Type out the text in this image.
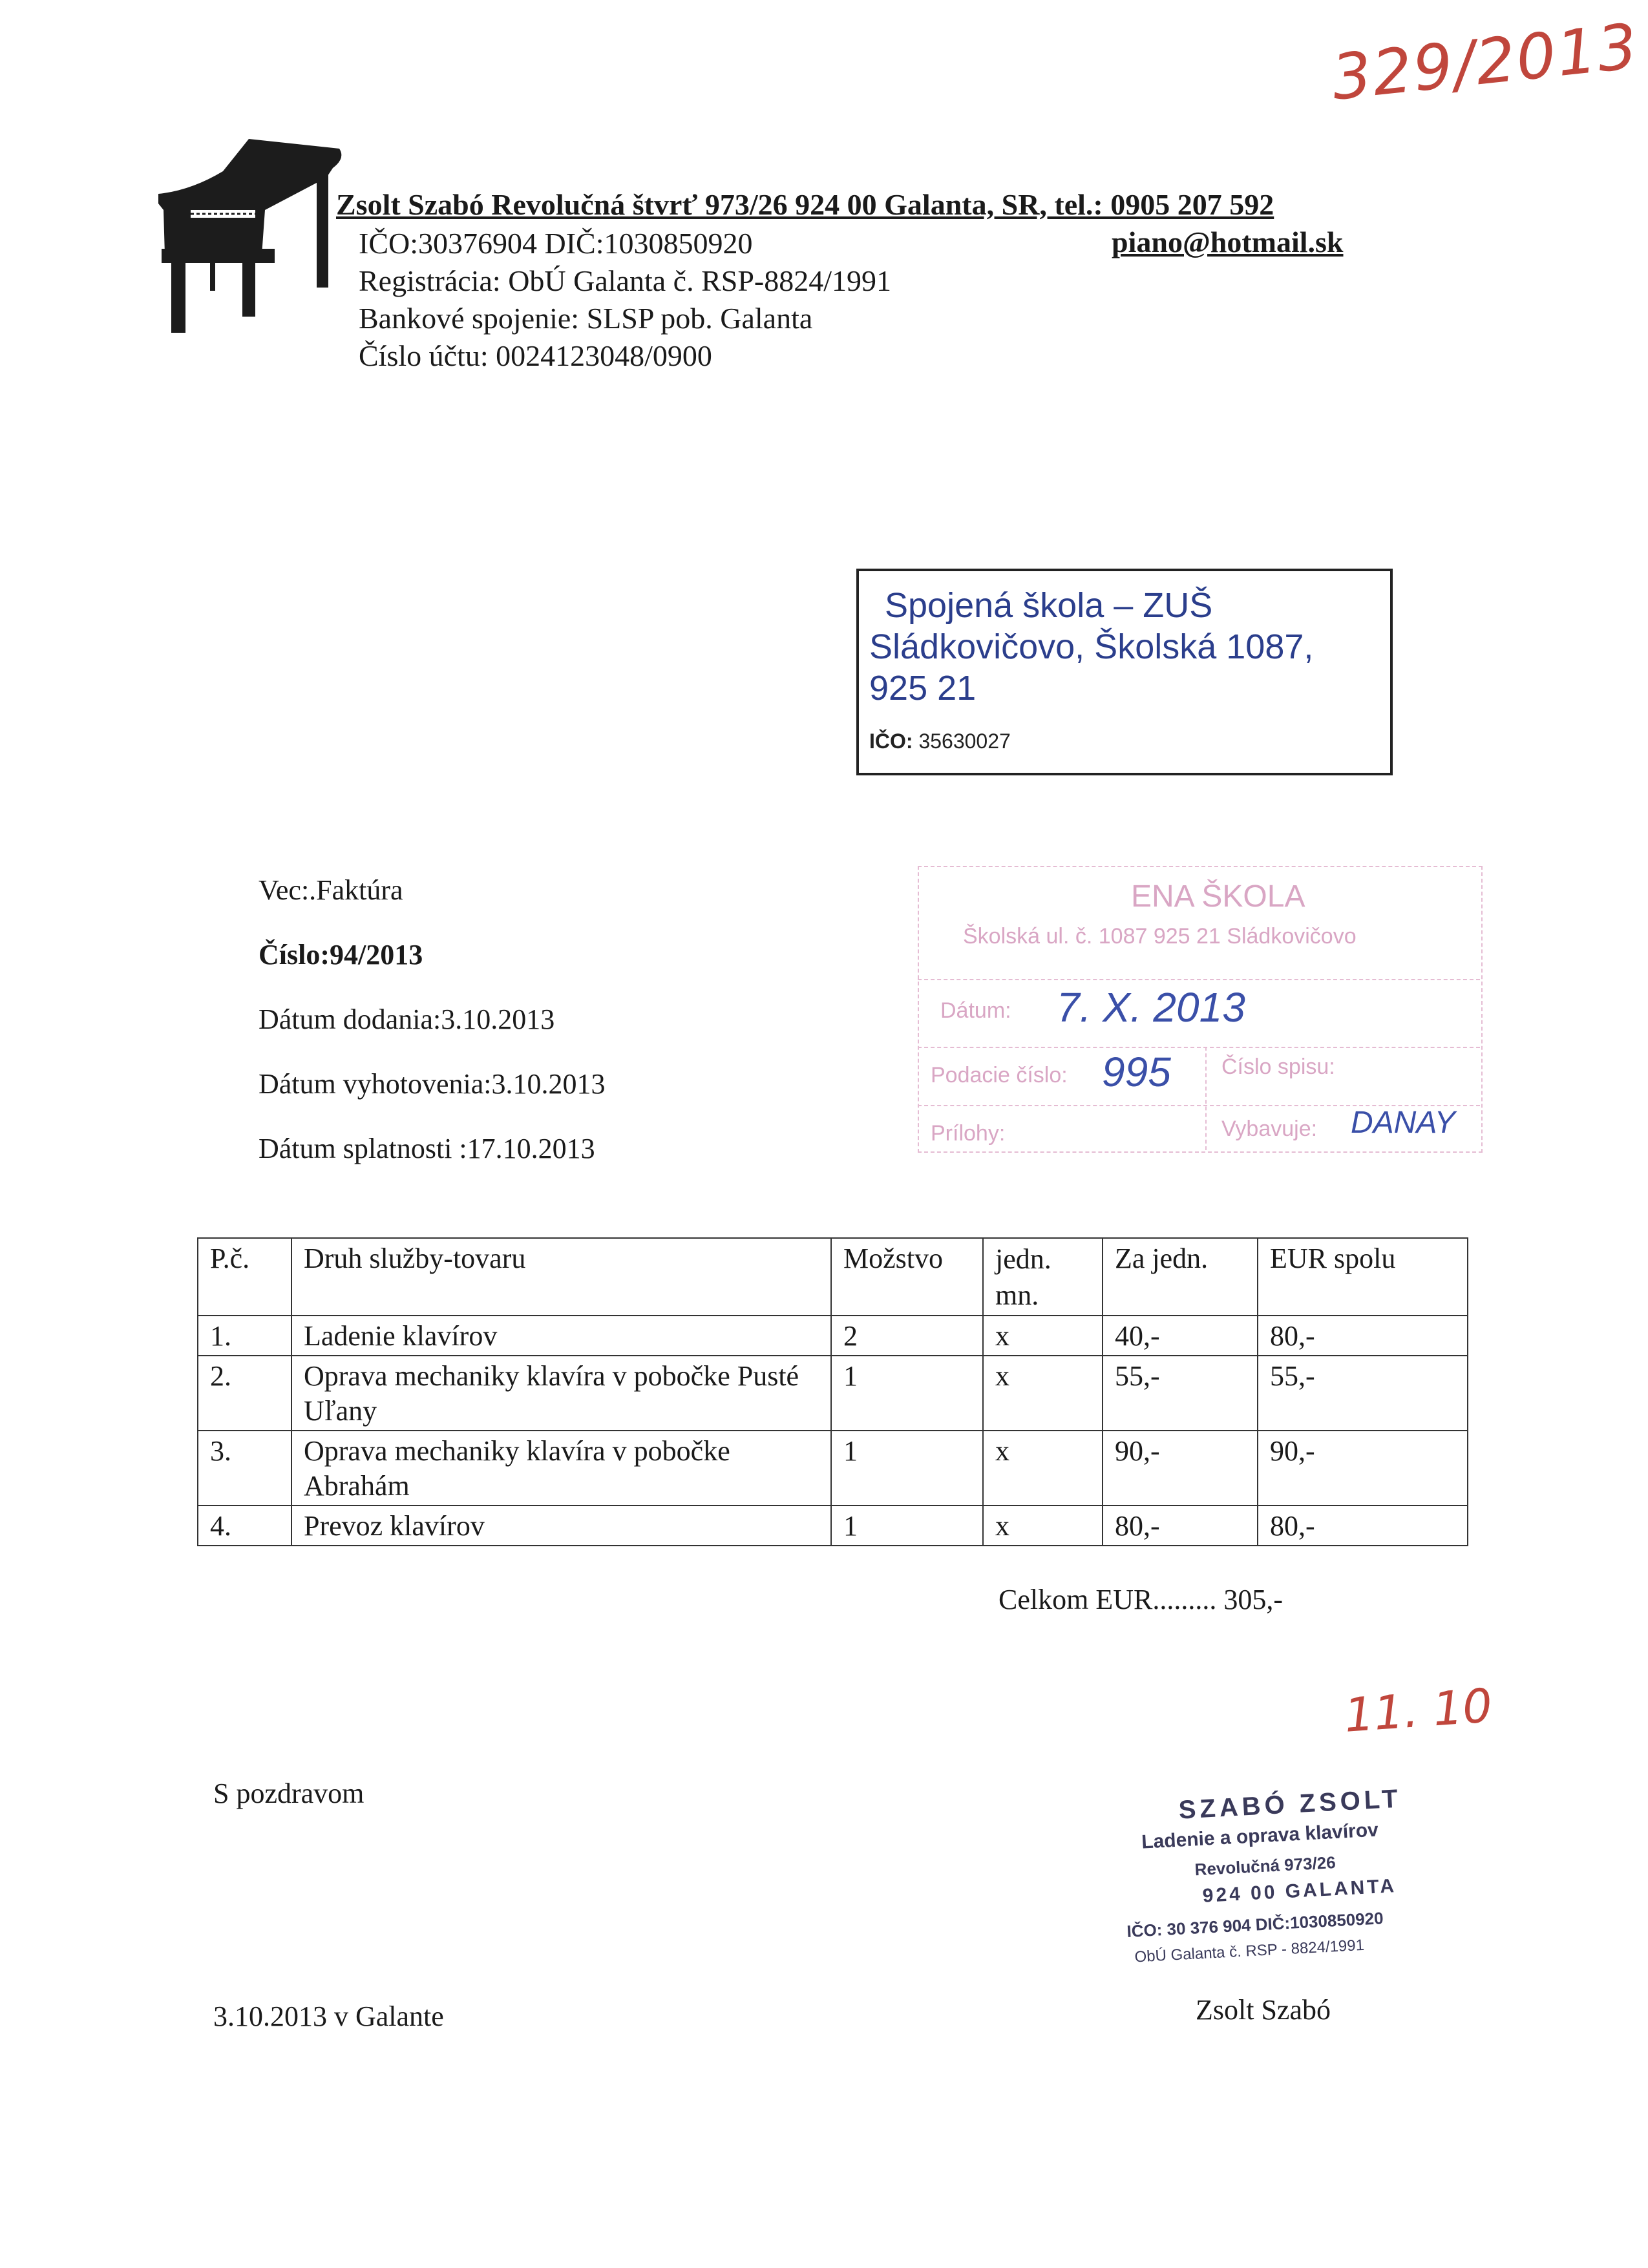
329/2013
Zsolt Szabó Revolučná štvrť 973/26 924 00 Galanta, SR, tel.: 0905 207 592
IČO:30376904 DIČ:1030850920	piano@hotmail.sk
Registrácia: ObÚ Galanta č. RSP-8824/1991
Bankové spojenie: SLSP pob. Galanta
Číslo účtu: 0024123048/0900
Spojená škola – ZUŠ
Sládkovičovo, Školská 1087,
925 21
IČO: 35630027
Vec:.Faktúra
Číslo:94/2013
Dátum dodania:3.10.2013
Dátum vyhotovenia:3.10.2013
Dátum splatnosti :17.10.2013
ENA ŠKOLA
Školská ul. č. 1087 925 21 Sládkovičovo
Dátum: 7. X. 2013
Podacie číslo: 995 Číslo spisu:
Prílohy:	Vybavuje: DANAY
P.č.	Druh služby-tovaru	Možstvo	jedn. mn.	Za jedn.	EUR spolu
1.	Ladenie klavírov	2	x	40,-	80,-
2.	Oprava mechaniky klavíra v pobočke Pusté Uľany	1	x	55,-	55,-
3.	Oprava mechaniky klavíra v pobočke Abrahám	1	x	90,-	90,-
4.	Prevoz klavírov	1	x	80,-	80,-
Celkom EUR......... 305,-
11. 10
S pozdravom	SZABÓ ZSOLT
Ladenie a oprava klavírov
Revolučná 973/26
924 00 GALANTA
IČO: 30 376 904 DIČ:1030850920
ObÚ Galanta č. RSP - 8824/1991
3.10.2013 v Galante	Zsolt Szabó
